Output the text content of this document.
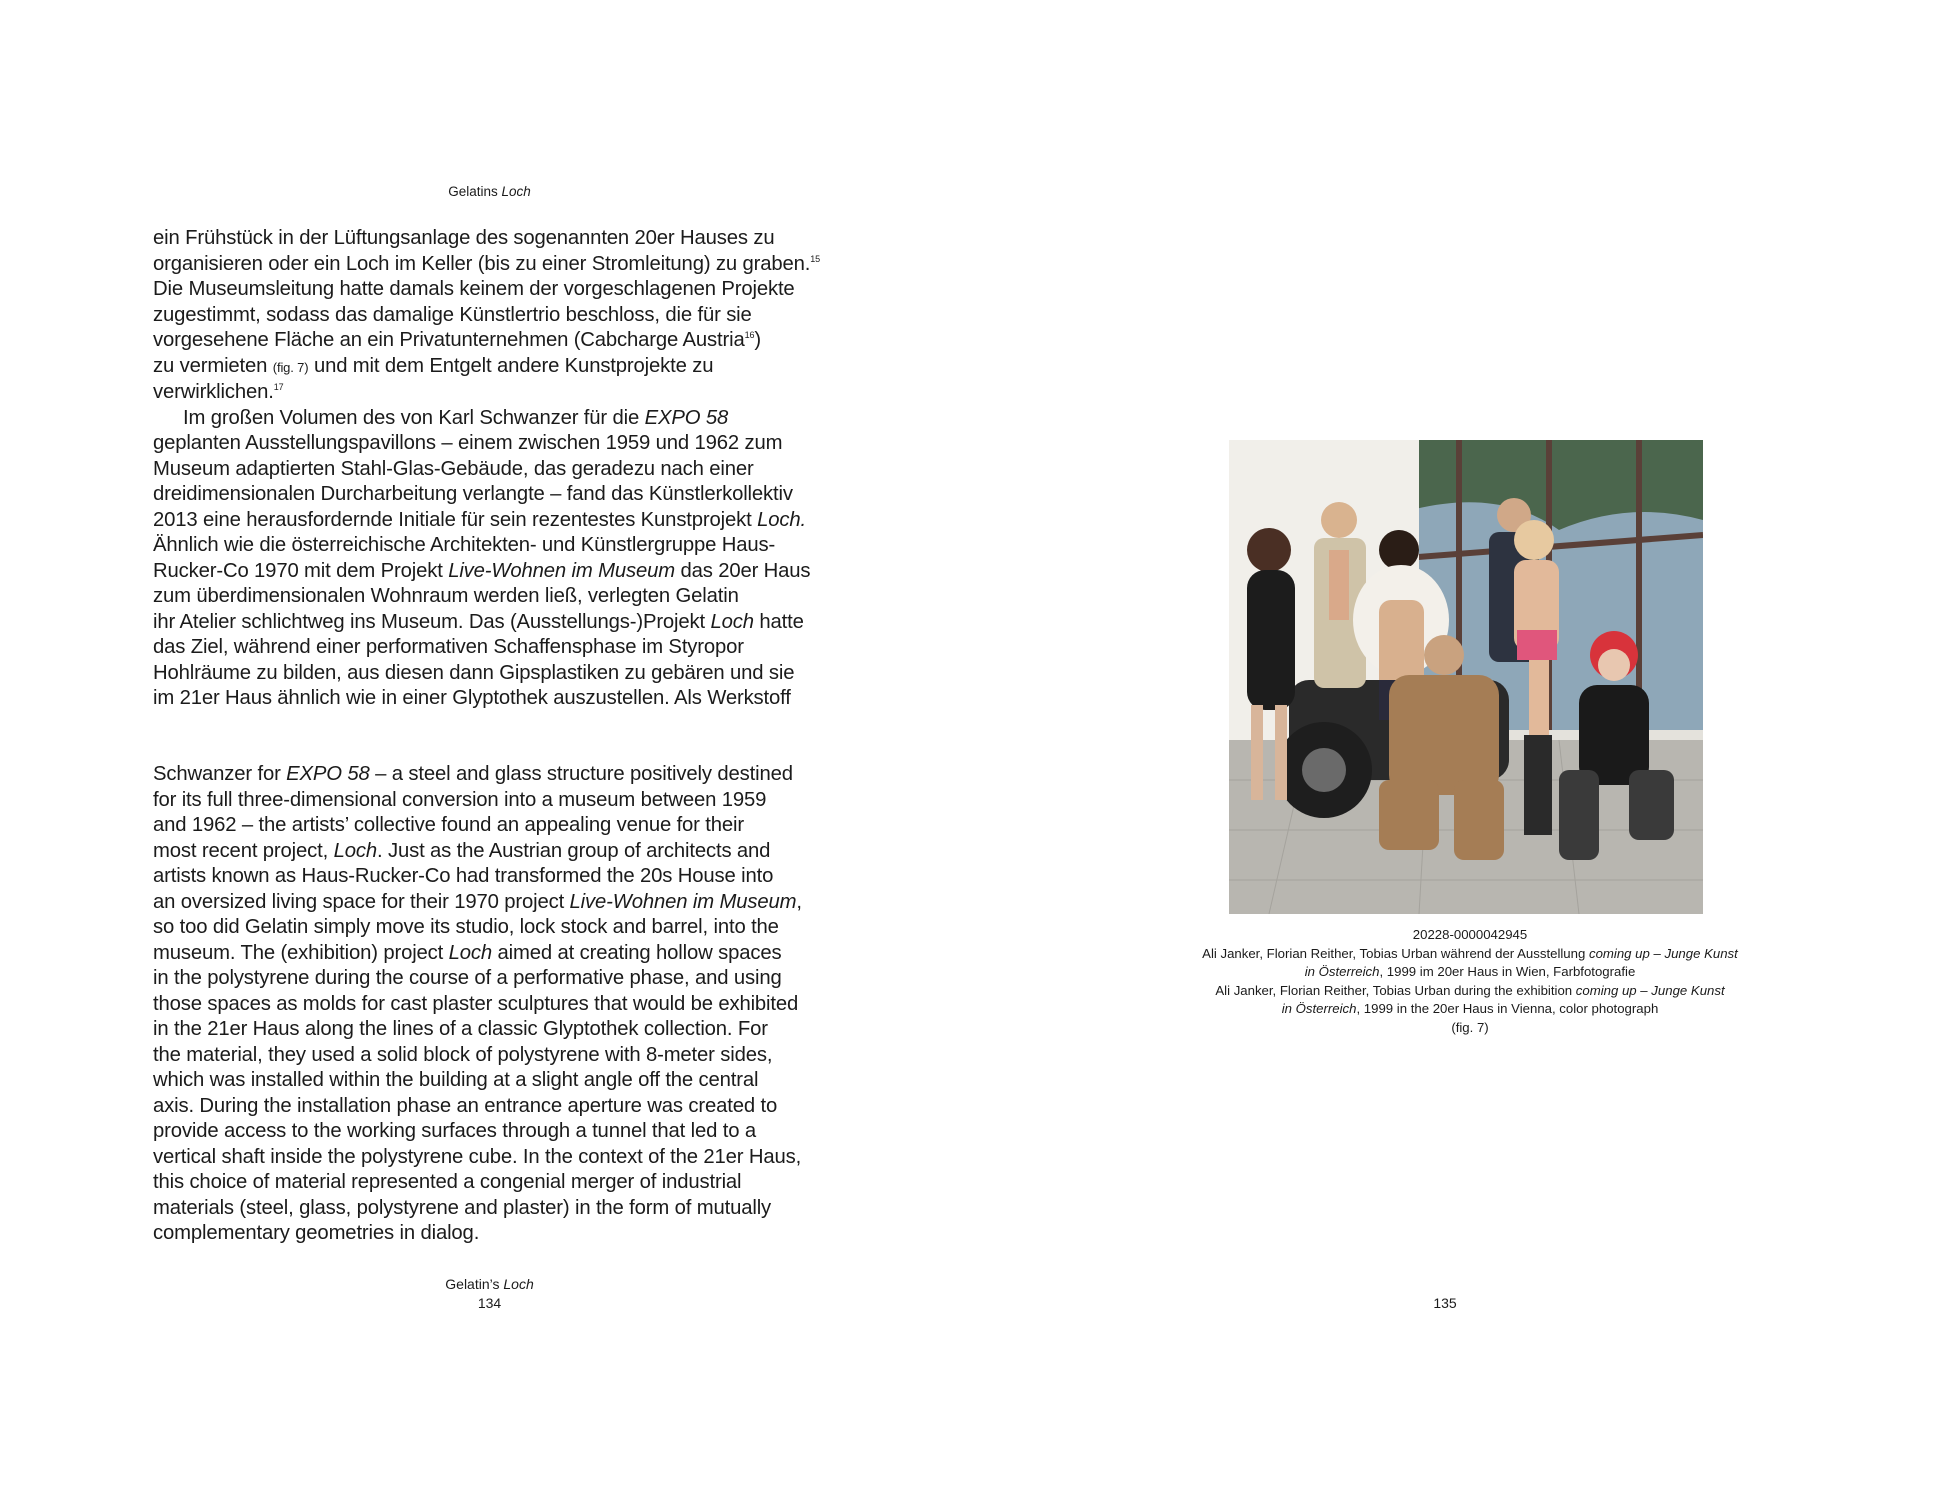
Gelatins Loch
ein Frühstück in der Lüftungsanlage des sogenannten 20er Hauses zu
organisieren oder ein Loch im Keller (bis zu einer Stromleitung) zu graben.$^{15}$
Die Museumsleitung hatte damals keinem der vorgeschlagenen Projekte
zugestimmt, sodass das damalige Künstlertrio beschloss, die für sie
vorgesehene Fläche an ein Privatunternehmen (Cabcharge Austria$^{16}$)
zu vermieten (fig. 7) und mit dem Entgelt andere Kunstprojekte zu
verwirklichen.$^{17}$
Im großen Volumen des von Karl Schwanzer für die EXPO 58
geplanten Ausstellungspavillons – einem zwischen 1959 und 1962 zum
Museum adaptierten Stahl-Glas-Gebäude, das geradezu nach einer
dreidimensionalen Durcharbeitung verlangte – fand das Künstlerkollektiv
2013 eine herausfordernde Initiale für sein rezentestes Kunstprojekt Loch.
Ähnlich wie die österreichische Architekten- und Künstlergruppe Haus-
Rucker-Co 1970 mit dem Projekt Live-Wohnen im Museum das 20er Haus
zum überdimensionalen Wohnraum werden ließ, verlegten Gelatin
ihr Atelier schlichtweg ins Museum. Das (Ausstellungs-)Projekt Loch hatte
das Ziel, während einer performativen Schaffensphase im Styropor
Hohlräume zu bilden, aus diesen dann Gipsplastiken zu gebären und sie
im 21er Haus ähnlich wie in einer Glyptothek auszustellen. Als Werkstoff
Schwanzer for EXPO 58 – a steel and glass structure positively destined
for its full three-dimensional conversion into a museum between 1959
and 1962 – the artists’ collective found an appealing venue for their
most recent project, Loch. Just as the Austrian group of architects and
artists known as Haus-Rucker-Co had transformed the 20s House into
an oversized living space for their 1970 project Live-Wohnen im Museum,
so too did Gelatin simply move its studio, lock stock and barrel, into the
museum. The (exhibition) project Loch aimed at creating hollow spaces
in the polystyrene during the course of a performative phase, and using
those spaces as molds for cast plaster sculptures that would be exhibited
in the 21er Haus along the lines of a classic Glyptothek collection. For
the material, they used a solid block of polystyrene with 8-meter sides,
which was installed within the building at a slight angle off the central
axis. During the installation phase an entrance aperture was created to
provide access to the working surfaces through a tunnel that led to a
vertical shaft inside the polystyrene cube. In the context of the 21er Haus,
this choice of material represented a congenial merger of industrial
materials (steel, glass, polystyrene and plaster) in the form of mutually
complementary geometries in dialog.
Gelatin’s Loch
134
20228-0000042945
Ali Janker, Florian Reither, Tobias Urban während der Ausstellung coming up – Junge Kunst
in Österreich, 1999 im 20er Haus in Wien, Farbfotografie
Ali Janker, Florian Reither, Tobias Urban during the exhibition coming up – Junge Kunst
in Österreich, 1999 in the 20er Haus in Vienna, color photograph
(fig. 7)
135
